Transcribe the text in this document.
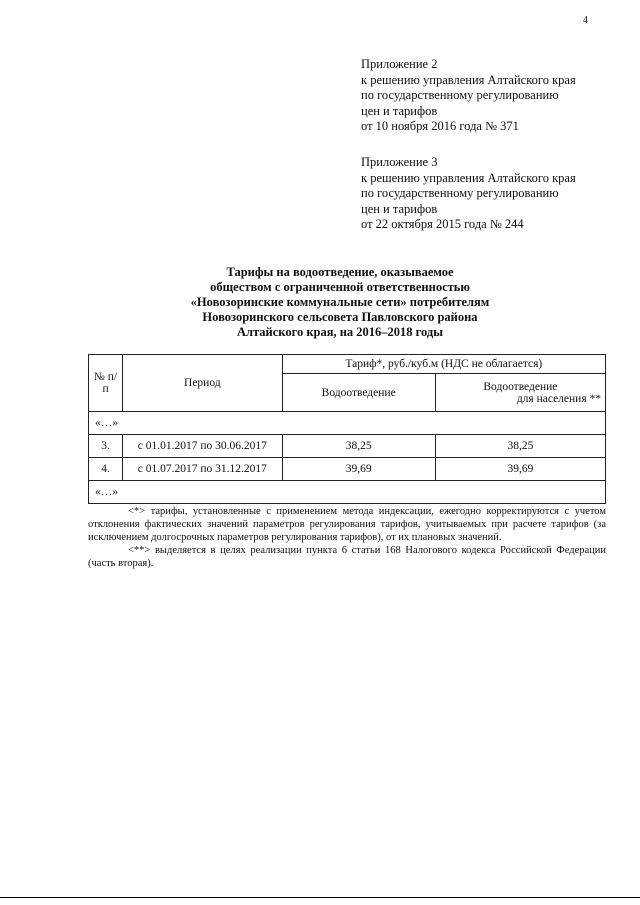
4
Приложение 2
к решению управления Алтайского края
по государственному регулированию
цен и тарифов
от 10 ноября 2016 года № 371
Приложение 3
к решению управления Алтайского края
по государственному регулированию
цен и тарифов
от 22 октября 2015 года № 244
Тарифы на водоотведение, оказываемое
обществом с ограниченной ответственностью
«Новозоринские коммунальные сети» потребителям
Новозоринского сельсовета Павловского района
Алтайского края, на 2016–2018 годы
№ п/п	Период	Тариф*, руб./куб.м (НДС не облагается)	
		Водоотведение	Водоотведение
для населения **

«…»			
3.	с 01.01.2017 по 30.06.2017	38,25	38,25
4.	с 01.07.2017 по 31.12.2017	39,69	39,69
«…»			

<*> тарифы, установленные с применением метода индексации, ежегодно корректируются с учетом отклонения фактических значений параметров регулирования тарифов, учитываемых при расчете тарифов (за исключением долгосрочных параметров регулирования тарифов), от их плановых значений.

<**> выделяется в целях реализации пункта 6 статьи 168 Налогового кодекса Российской Федерации (часть вторая).
